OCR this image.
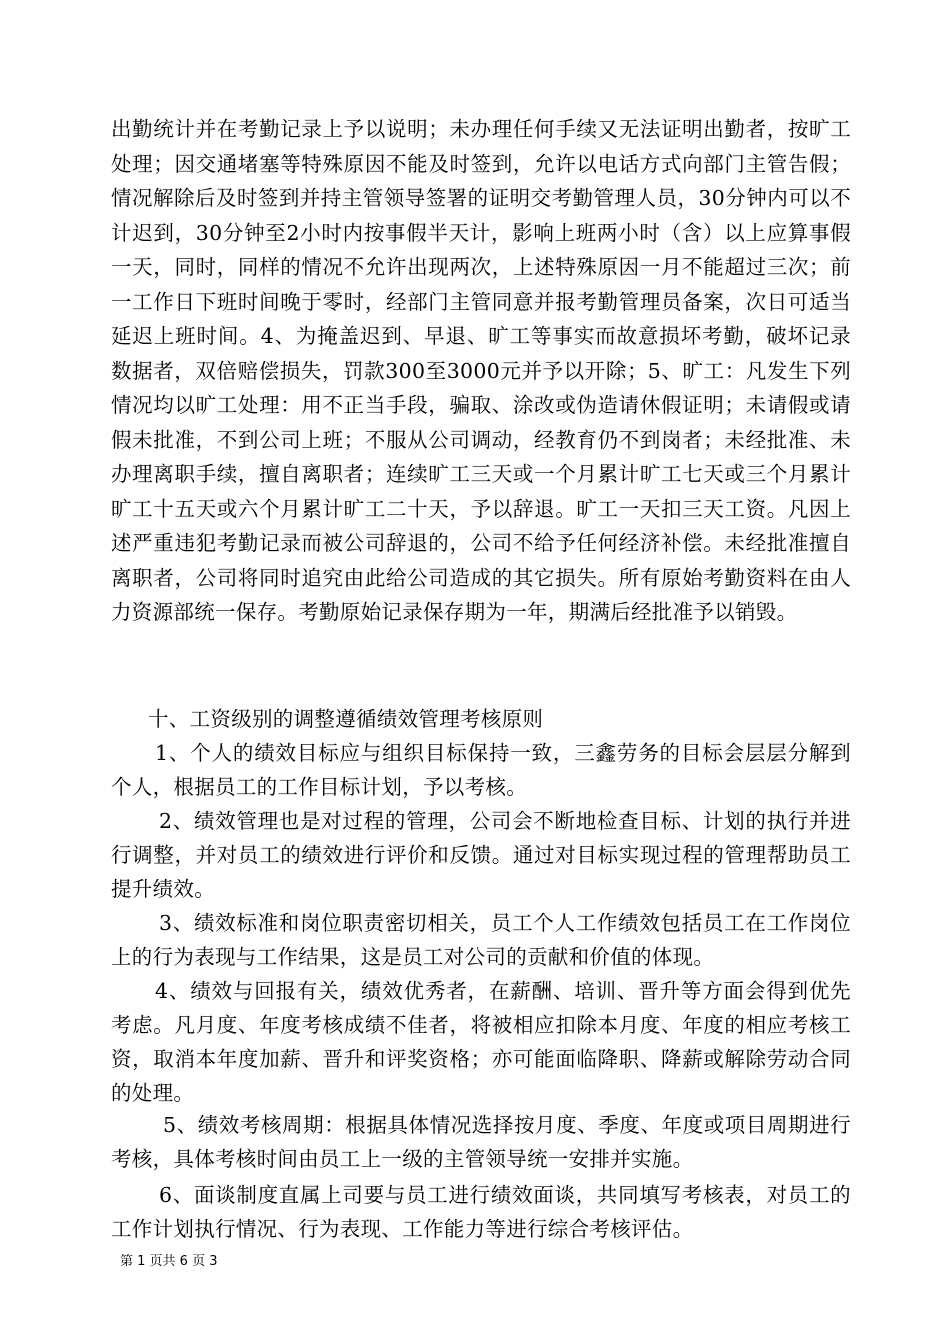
出勤统计并在考勤记录上予以说明；未办理任何手续又无法证明出勤者，按旷工处理；因交通堵塞等特殊原因不能及时签到，允许以电话方式向部门主管告假；情况解除后及时签到并持主管领导签署的证明交考勤管理人员，30分钟内可以不计迟到，30分钟至2小时内按事假半天计，影响上班两小时（含）以上应算事假一天，同时，同样的情况不允许出现两次，上述特殊原因一月不能超过三次；前一工作日下班时间晚于零时，经部门主管同意并报考勤管理员备案，次日可适当延迟上班时间。4、为掩盖迟到、早退、旷工等事实而故意损坏考勤，破坏记录数据者，双倍赔偿损失，罚款300至3000元并予以开除；5、旷工：凡发生下列情况均以旷工处理：用不正当手段，骗取、涂改或伪造请休假证明；未请假或请假未批准，不到公司上班；不服从公司调动，经教育仍不到岗者；未经批准、未办理离职手续，擅自离职者；连续旷工三天或一个月累计旷工七天或三个月累计旷工十五天或六个月累计旷工二十天，予以辞退。旷工一天扣三天工资。凡因上述严重违犯考勤记录而被公司辞退的，公司不给予任何经济补偿。未经批准擅自离职者，公司将同时追究由此给公司造成的其它损失。所有原始考勤资料在由人力资源部统一保存。考勤原始记录保存期为一年，期满后经批准予以销毁。
十、工资级别的调整遵循绩效管理考核原则
1、个人的绩效目标应与组织目标保持一致，三鑫劳务的目标会层层分解到个人，根据员工的工作目标计划，予以考核。
2、绩效管理也是对过程的管理，公司会不断地检查目标、计划的执行并进行调整，并对员工的绩效进行评价和反馈。通过对目标实现过程的管理帮助员工提升绩效。
3、绩效标准和岗位职责密切相关，员工个人工作绩效包括员工在工作岗位上的行为表现与工作结果，这是员工对公司的贡献和价值的体现。
4、绩效与回报有关，绩效优秀者，在薪酬、培训、晋升等方面会得到优先考虑。凡月度、年度考核成绩不佳者，将被相应扣除本月度、年度的相应考核工资，取消本年度加薪、晋升和评奖资格；亦可能面临降职、降薪或解除劳动合同的处理。
5、绩效考核周期：根据具体情况选择按月度、季度、年度或项目周期进行考核，具体考核时间由员工上一级的主管领导统一安排并实施。
6、面谈制度直属上司要与员工进行绩效面谈，共同填写考核表，对员工的工作计划执行情况、行为表现、工作能力等进行综合考核评估。
第 1 页共 6 页 3
